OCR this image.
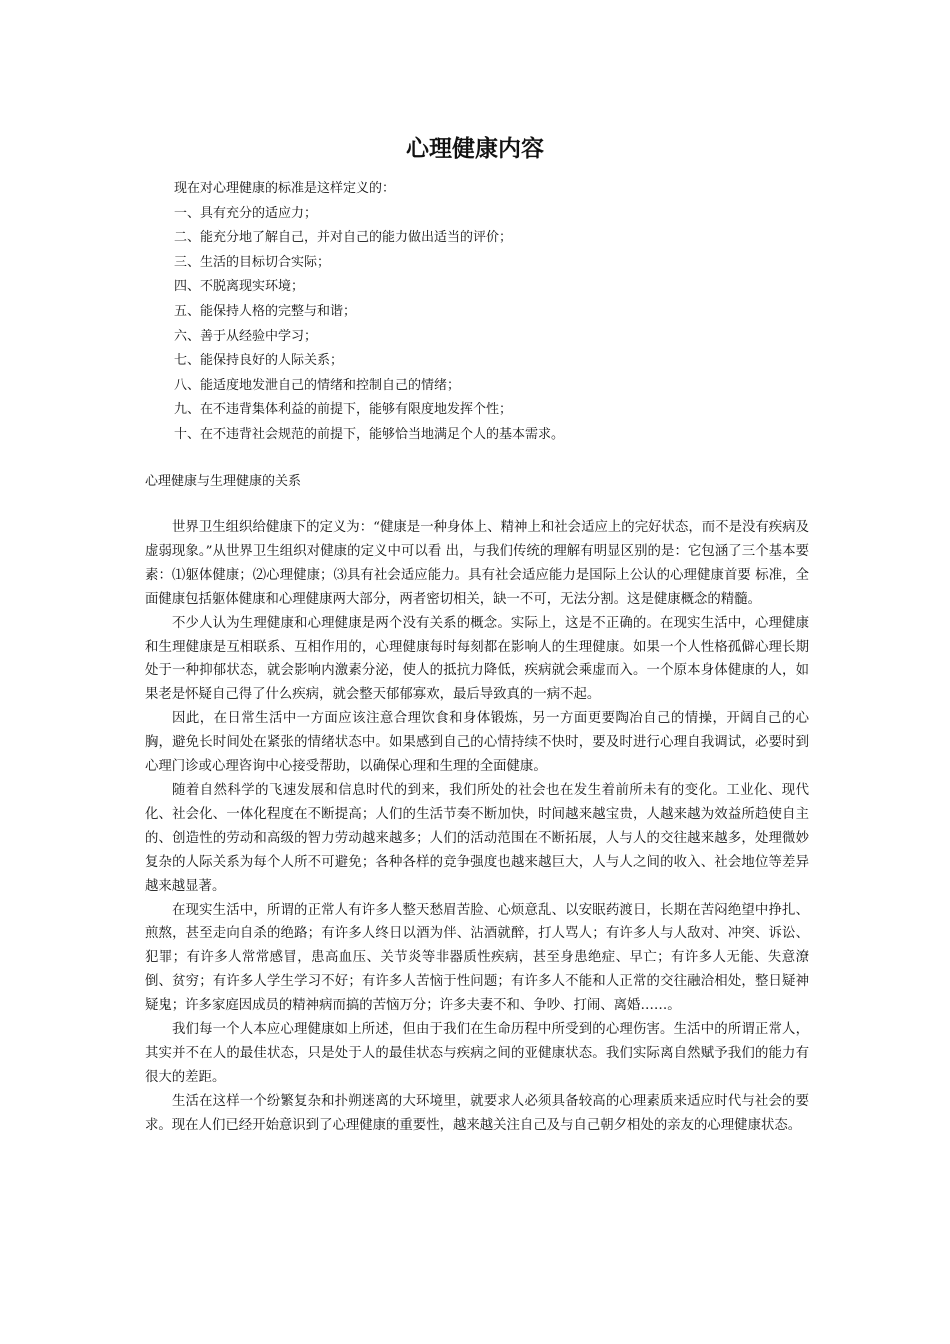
心理健康内容
现在对心理健康的标准是这样定义的：
一、具有充分的适应力；
二、能充分地了解自己，并对自己的能力做出适当的评价；
三、生活的目标切合实际；
四、不脱离现实环境；
五、能保持人格的完整与和谐；
六、善于从经验中学习；
七、能保持良好的人际关系；
八、能适度地发泄自己的情绪和控制自己的情绪；
九、在不违背集体利益的前提下，能够有限度地发挥个性；
十、在不违背社会规范的前提下，能够恰当地满足个人的基本需求。
心理健康与生理健康的关系

世界卫生组织给健康下的定义为：“健康是一种身体上、精神上和社会适应上的完好状态，而不是没有疾病及虚弱现象。”从世界卫生组织对健康的定义中可以看 出，与我们传统的理解有明显区别的是：它包涵了三个基本要素：⑴躯体健康；⑵心理健康；⑶具有社会适应能力。具有社会适应能力是国际上公认的心理健康首要 标准，全面健康包括躯体健康和心理健康两大部分，两者密切相关，缺一不可，无法分割。这是健康概念的精髓。

不少人认为生理健康和心理健康是两个没有关系的概念。实际上，这是不正确的。在现实生活中，心理健康和生理健康是互相联系、互相作用的，心理健康每时每刻都在影响人的生理健康。如果一个人性格孤僻心理长期处于一种抑郁状态，就会影响内激素分泌，使人的抵抗力降低，疾病就会乘虚而入。一个原本身体健康的人，如果老是怀疑自己得了什么疾病，就会整天郁郁寡欢，最后导致真的一病不起。

因此，在日常生活中一方面应该注意合理饮食和身体锻炼，另一方面更要陶冶自己的情操，开阔自己的心胸，避免长时间处在紧张的情绪状态中。如果感到自己的心情持续不快时，要及时进行心理自我调试，必要时到心理门诊或心理咨询中心接受帮助，以确保心理和生理的全面健康。

随着自然科学的飞速发展和信息时代的到来，我们所处的社会也在发生着前所未有的变化。工业化、现代化、社会化、一体化程度在不断提高；人们的生活节奏不断加快，时间越来越宝贵，人越来越为效益所趋使自主的、创造性的劳动和高级的智力劳动越来越多；人们的活动范围在不断拓展，人与人的交往越来越多，处理微妙复杂的人际关系为每个人所不可避免；各种各样的竞争强度也越来越巨大，人与人之间的收入、社会地位等差异越来越显著。

在现实生活中，所谓的正常人有许多人整天愁眉苦脸、心烦意乱、以安眠药渡日，长期在苦闷绝望中挣扎、煎熬，甚至走向自杀的绝路；有许多人终日以酒为伴、沾酒就醉，打人骂人；有许多人与人敌对、冲突、诉讼、犯罪；有许多人常常感冒，患高血压、关节炎等非器质性疾病，甚至身患绝症、早亡；有许多人无能、失意潦倒、贫穷；有许多人学生学习不好；有许多人苦恼于性问题；有许多人不能和人正常的交往融洽相处，整日疑神疑鬼；许多家庭因成员的精神病而搞的苦恼万分；许多夫妻不和、争吵、打闹、离婚……。

我们每一个人本应心理健康如上所述，但由于我们在生命历程中所受到的心理伤害。生活中的所谓正常人，其实并不在人的最佳状态，只是处于人的最佳状态与疾病之间的亚健康状态。我们实际离自然赋予我们的能力有很大的差距。

生活在这样一个纷繁复杂和扑朔迷离的大环境里，就要求人必须具备较高的心理素质来适应时代与社会的要求。现在人们已经开始意识到了心理健康的重要性，越来越关注自己及与自己朝夕相处的亲友的心理健康状态。
